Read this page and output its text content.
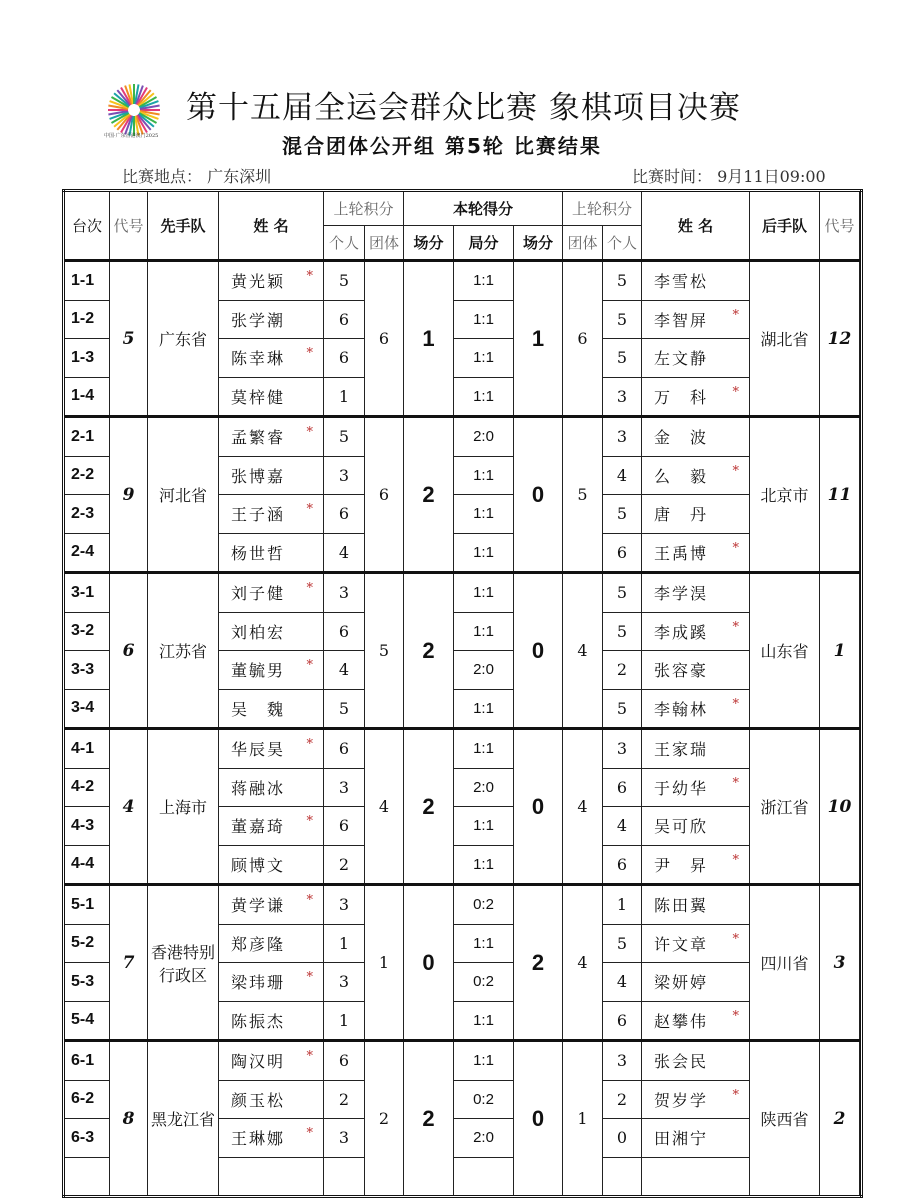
中国·广东香港澳门2025
第十五届全运会群众比赛 象棋项目决赛
混合团体公开组 第5轮 比赛结果
比赛地点： 广东深圳	比赛时间： 9月11日09:00
台次	代号	先手队	姓 名	上轮积分		本轮得分			上轮积分		姓 名	后手队	代号	
				个人	团体	场分	局分	场分	团体	个人				
1-1	5	广东省	黄光颖 *	5	6	1	1:1	1	6	5	李雪松	湖北省	12	
1-2			张学潮	6			1:1			5	李智屏 *			

1-3			陈幸琳 *	6			1:1			5	左文静			
1-4			莫梓健	1			1:1			3	万　科 *			

2-1	9	河北省	孟繁睿 *	5	6	2	2:0	0	5	3	金　波	北京市	11	
2-2			张博嘉	3			1:1			4	么　毅 *			

2-3			王子涵 *	6			1:1			5	唐　丹			
2-4			杨世哲	4			1:1			6	王禹博 *			

3-1	6	江苏省	刘子健 *	3	5	2	1:1	0	4	5	李学淏	山东省	1	
3-2			刘柏宏	6			1:1			5	李成蹊 *			

3-3			董毓男 *	4			2:0			2	张容豪			
3-4			吴　魏	5			1:1			5	李翰林 *			

4-1	4	上海市	华辰昊 *	6	4	2	1:1	0	4	3	王家瑞	浙江省	10	
4-2			蒋融冰	3			2:0			6	于幼华 *			

4-3			董嘉琦 *	6			1:1			4	吴可欣			
4-4			顾博文	2			1:1			6	尹　昇 *			

5-1	7	香港特别行政区	黄学谦 *	3	1	0	0:2	2	4	1	陈田翼	四川省	3	
5-2			郑彦隆	1			1:1			5	许文章 *			

5-3			梁玮珊 *	3			0:2			4	梁妍婷			
5-4			陈振杰	1			1:1			6	赵攀伟 *			

6-1	8	黑龙江省	陶汉明 *	6	2	2	1:1	0	1	3	张会民	陕西省	2	
6-2			颜玉松	2			0:2			2	贺岁学 *			

6-3			王琳娜 *	3			2:0			0	田湘宁			
